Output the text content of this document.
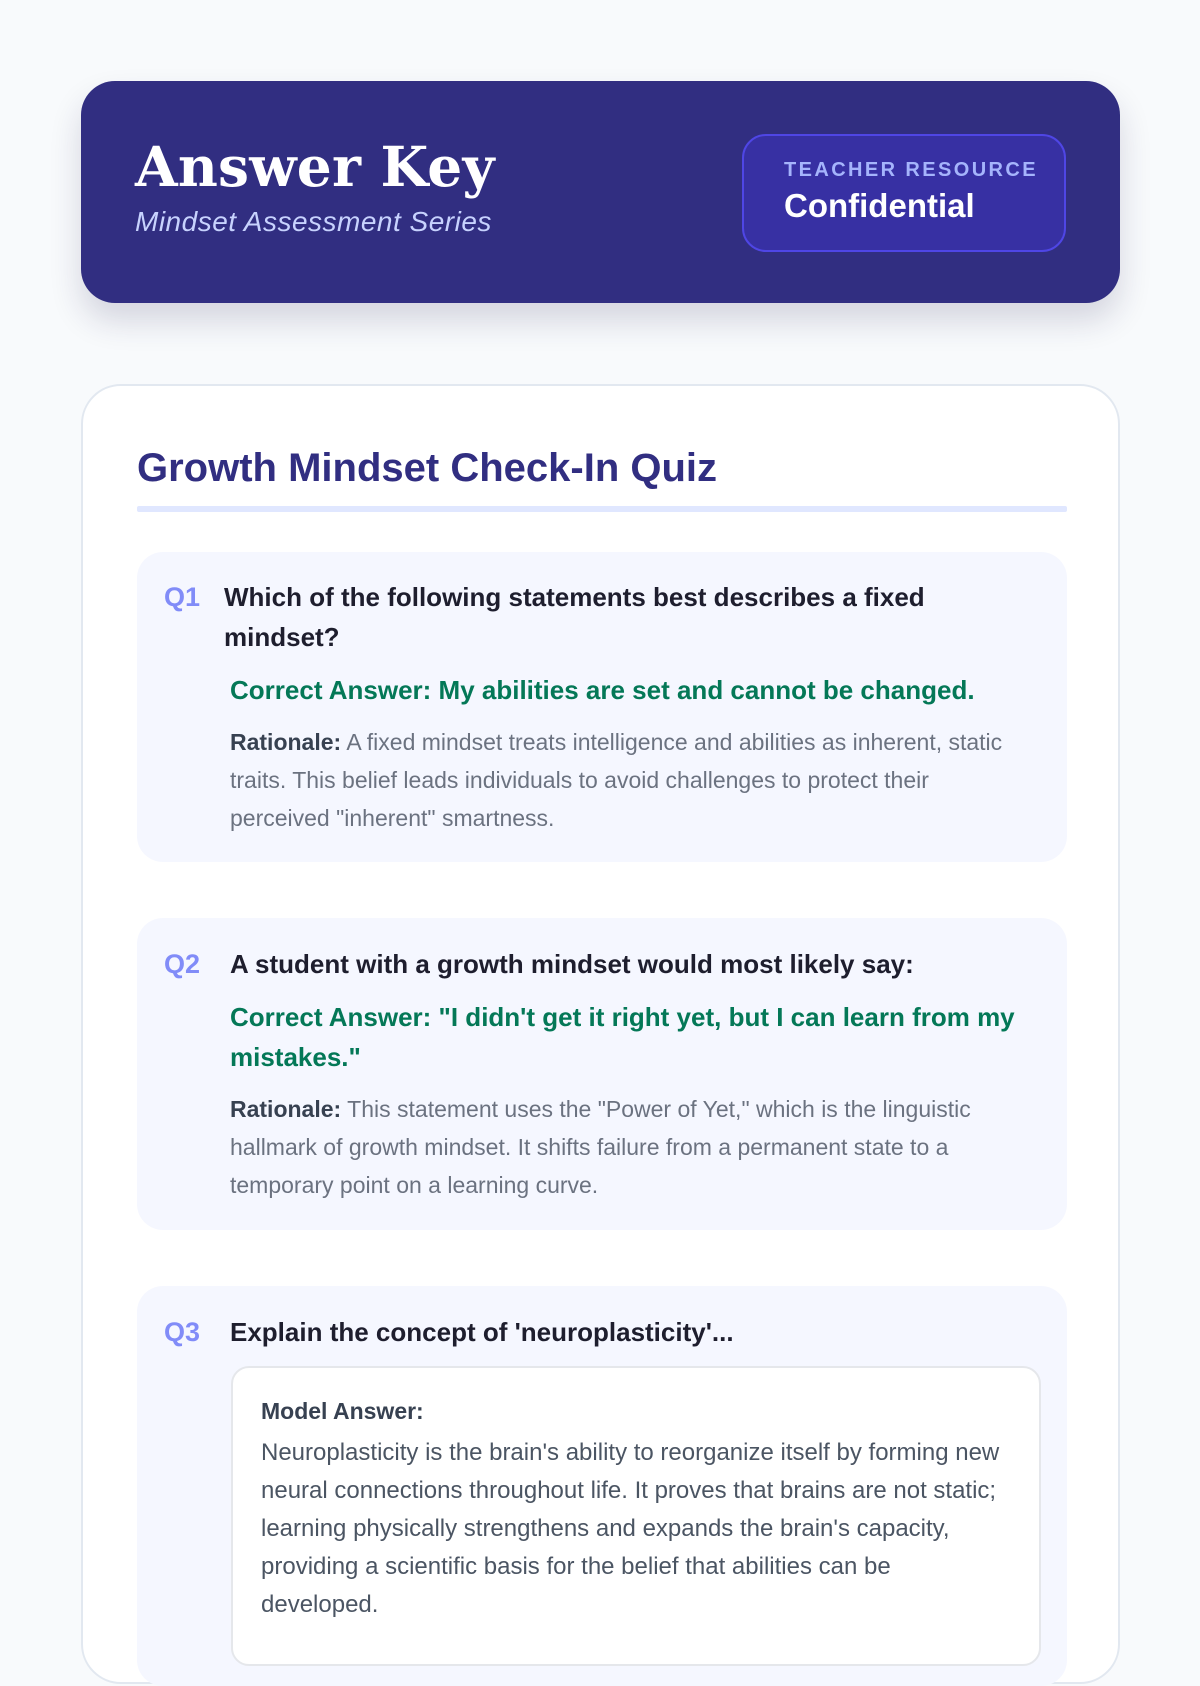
Answer Key

Mindset Assessment Series

TEACHER RESOURCE
Confidential
Growth Mindset Check-In Quiz
Q1 Which of the following statements best describes a fixed mindset?
Correct Answer: My abilities are set and cannot be changed.
Rationale: A fixed mindset treats intelligence and abilities as inherent, static traits. This belief leads individuals to avoid challenges to protect their perceived "inherent" smartness.
Q2 A student with a growth mindset would most likely say:
Correct Answer: "I didn't get it right yet, but I can learn from my mistakes."
Rationale: This statement uses the "Power of Yet," which is the linguistic hallmark of growth mindset. It shifts failure from a permanent state to a temporary point on a learning curve.
Q3 Explain the concept of 'neuroplasticity'...
Model Answer:
Neuroplasticity is the brain's ability to reorganize itself by forming new neural connections throughout life. It proves that brains are not static; learning physically strengthens and expands the brain's capacity, providing a scientific basis for the belief that abilities can be developed.
